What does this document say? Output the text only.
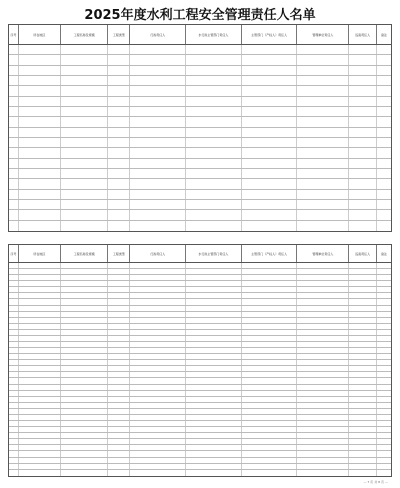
2025年度水利工程安全管理责任人名单
序号	所在地区	工程名称及规模	工程类型	行政责任人	水行政主管部门责任人	主管部门（产权人）责任人	管理单位责任人	巡查责任人	备注
序号	所在地区	工程名称及规模	工程类型	行政责任人	水行政主管部门责任人	主管部门（产权人）责任人	管理单位责任人	巡查责任人	备注
— 7 页 共 8 页 —
